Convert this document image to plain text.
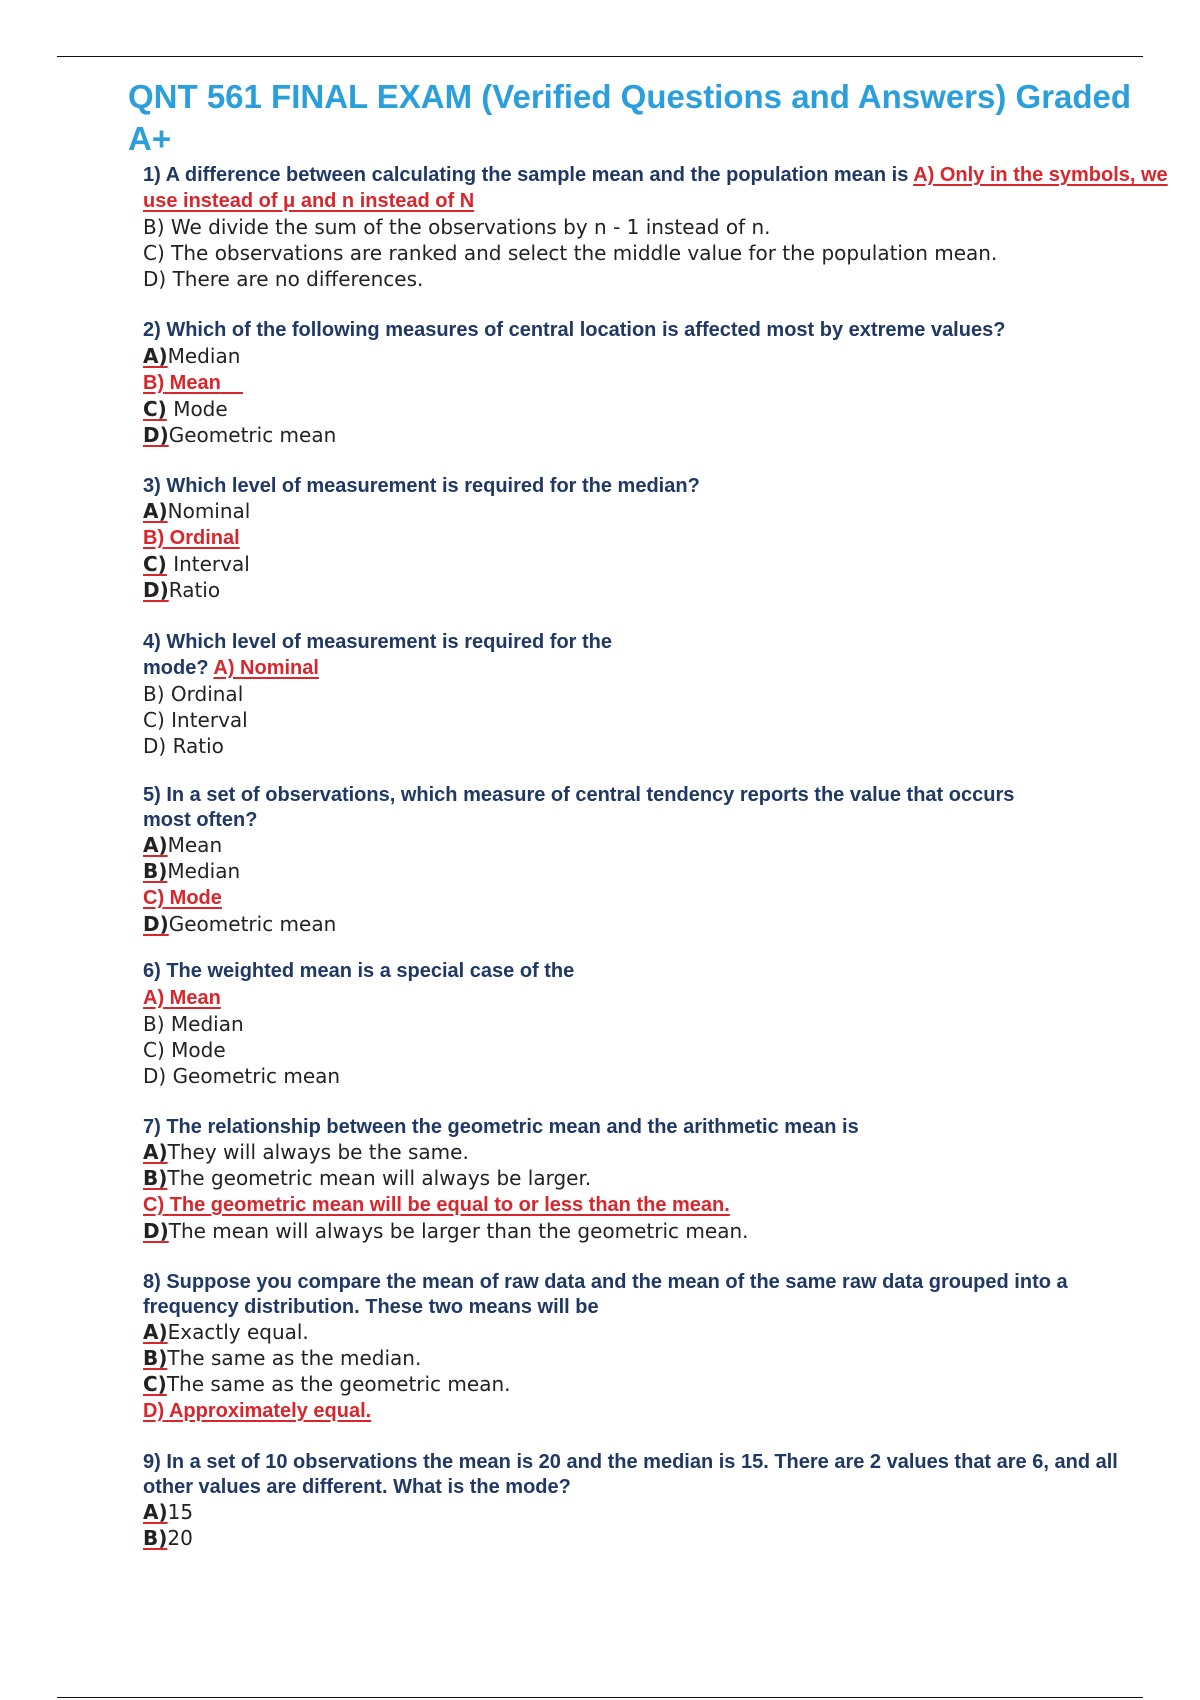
QNT 561 FINAL EXAM (Verified Questions and Answers) Graded A+

1) A difference between calculating the sample mean and the population mean is A) Only in the symbols, we use instead of μ and n instead of N

B) We divide the sum of the observations by n - 1 instead of n.
C) The observations are ranked and select the middle value for the population mean.
D) There are no differences.

2) Which of the following measures of central location is affected most by extreme values?

A)Median
B) Mean
C) Mode
D)Geometric mean

3) Which level of measurement is required for the median?

A)Nominal
B) Ordinal
C) Interval
D)Ratio

4) Which level of measurement is required for the
mode? A) Nominal

B) Ordinal
C) Interval
D) Ratio

5) In a set of observations, which measure of central tendency reports the value that occurs most often?

A)Mean
B)Median
C) Mode
D)Geometric mean

6) The weighted mean is a special case of the

A) Mean
B) Median
C) Mode
D) Geometric mean

7) The relationship between the geometric mean and the arithmetic mean is

A)They will always be the same.
B)The geometric mean will always be larger.
C) The geometric mean will be equal to or less than the mean.
D)The mean will always be larger than the geometric mean.

8) Suppose you compare the mean of raw data and the mean of the same raw data grouped into a frequency distribution. These two means will be

A)Exactly equal.
B)The same as the median.
C)The same as the geometric mean.
D) Approximately equal.

9) In a set of 10 observations the mean is 20 and the median is 15. There are 2 values that are 6, and all other values are different. What is the mode?

A)15
B)20
